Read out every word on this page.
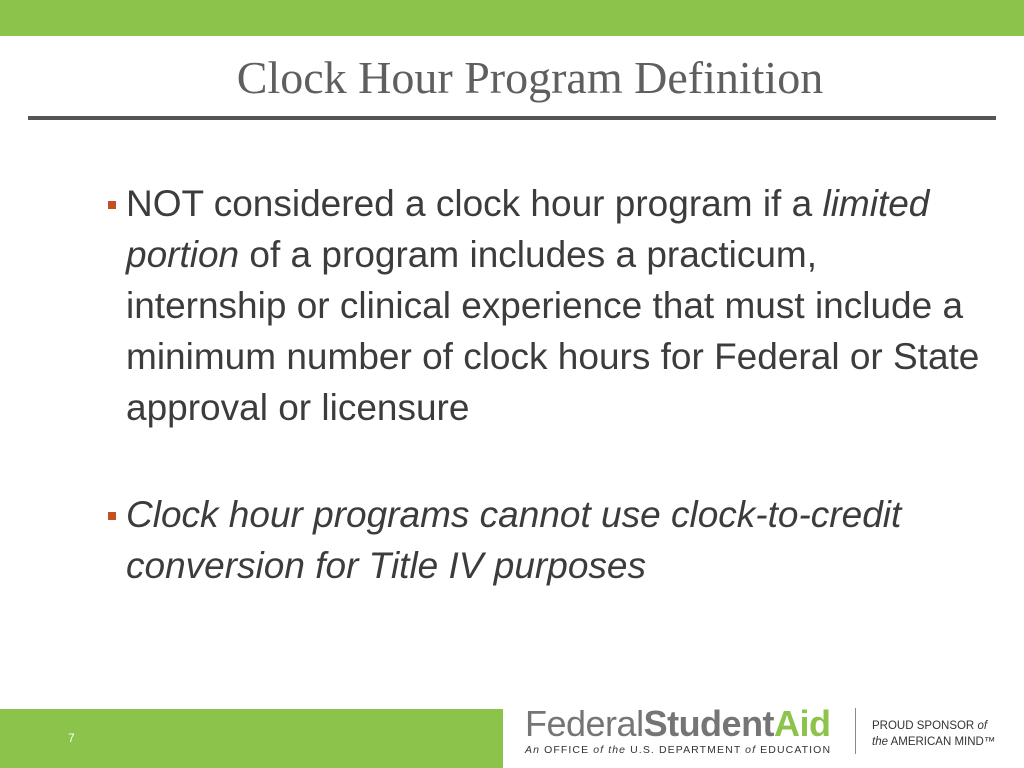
Clock Hour Program Definition
NOT considered a clock hour program if a limited portion of a program includes a practicum, internship or clinical experience that must include a minimum number of clock hours for Federal or State approval or licensure
Clock hour programs cannot use clock-to-credit conversion for Title IV purposes
7	FederalStudentAid
An OFFICE of the U.S. DEPARTMENT of EDUCATION
PROUD SPONSOR of
the AMERICAN MIND™
